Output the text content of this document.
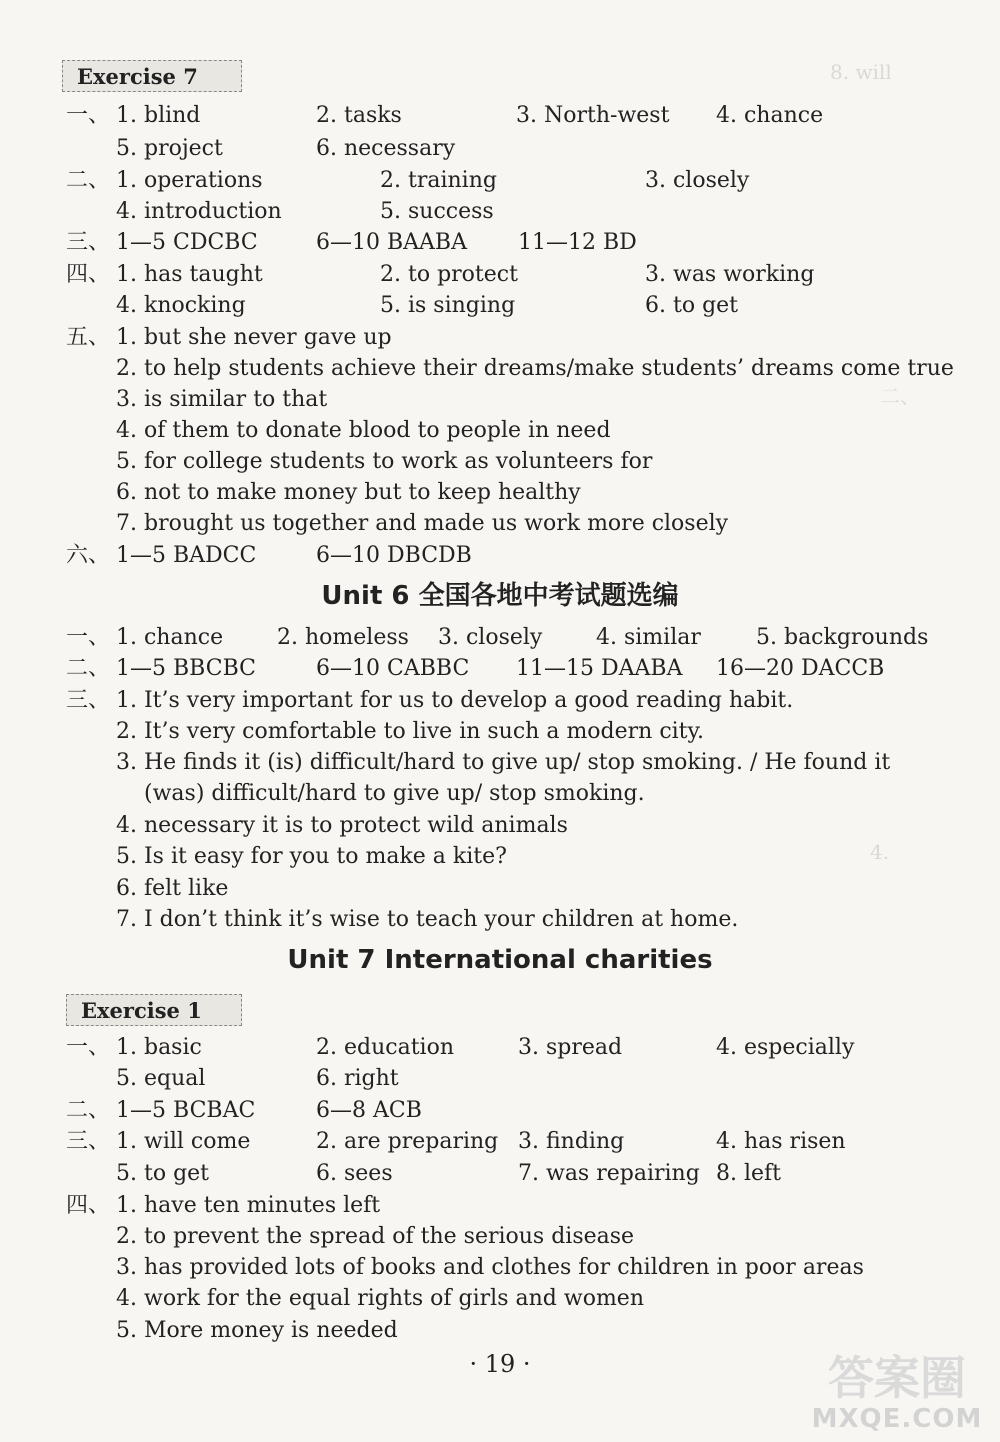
8. will
二、
4.
Exercise 7
一、 1. blind	2. tasks	3. North-west 4. chance
5. project	6. necessary
二、 1. operations	2. training	3. closely
4. introduction	5. success
三、 1—5 CDCBC	6—10 BAABA 11—12 BD
四、 1. has taught	2. to protect	3. was working
4. knocking	5. is singing	6. to get
五、 1. but she never gave up
2. to help students achieve their dreams/make students’ dreams come true
3. is similar to that
4. of them to donate blood to people in need
5. for college students to work as volunteers for
6. not to make money but to keep healthy
7. brought us together and made us work more closely
六、 1—5 BADCC	6—10 DBCDB
Unit 6 全国各地中考试题选编
一、 1. chance 2. homeless 3. closely 4. similar	5. backgrounds
二、 1—5 BBCBC	6—10 CABBC 11—15 DAABA 16—20 DACCB
三、 1. It’s very important for us to develop a good reading habit.
2. It’s very comfortable to live in such a modern city.
3. He finds it (is) difficult/hard to give up/ stop smoking. / He found it
(was) difficult/hard to give up/ stop smoking.
4. necessary it is to protect wild animals
5. Is it easy for you to make a kite?
6. felt like
7. I don’t think it’s wise to teach your children at home.
Unit 7 International charities
Exercise 1
一、 1. basic	2. education	3. spread	4. especially
5. equal	6. right
二、 1—5 BCBAC	6—8 ACB
三、 1. will come	2. are preparing 3. finding	4. has risen
5. to get	6. sees	7. was repairing 8. left
四、 1. have ten minutes left
2. to prevent the spread of the serious disease
3. has provided lots of books and clothes for children in poor areas
4. work for the equal rights of girls and women
5. More money is needed
· 19 ·	答案圈
MXQE.COM
